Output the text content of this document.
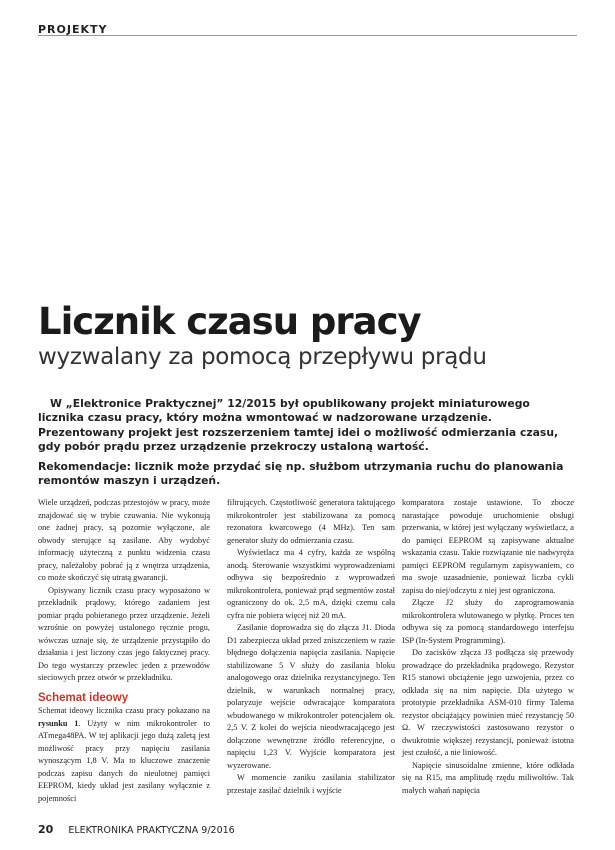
PROJEKTY
Licznik czasu pracy
wyzwalany za pomocą przepływu prądu
W „Elektronice Praktycznej” 12/2015 był opublikowany projekt miniaturowego licznika czasu pracy, który można wmontować w nadzorowane urządzenie. Prezentowany projekt jest rozszerzeniem tamtej idei o możliwość odmierzania czasu, gdy pobór prądu przez urządzenie przekroczy ustaloną wartość.
Rekomendacje: licznik może przydać się np. służbom utrzymania ruchu do planowania remontów maszyn i urządzeń.

Wiele urządzeń, podczas przestojów w pracy, może znajdować się w trybie czuwania. Nie wykonują one żadnej pracy, są pozornie wyłączone, ale obwody sterujące są zasilane. Aby wydobyć informację użyteczną z punktu widzenia czasu pracy, należałoby pobrać ją z wnętrza urządzenia, co może skończyć się utratą gwarancji.

Opisywany licznik czasu pracy wyposażono w przekładnik prądowy, którego zadaniem jest pomiar prądu pobieranego przez urządzenie. Jeżeli wzrośnie on powyżej ustalonego ręcznie progu, wówczas uznaje się, że urządzenie przystąpiło do działania i jest liczony czas jego faktycznej pracy. Do tego wystarczy przewlec jeden z przewodów sieciowych przez otwór w przekładniku.

Schemat ideowy

Schemat ideowy licznika czasu pracy pokazano na rysunku 1. Użyty w nim mikrokontroler to ATmega48PA. W tej aplikacji jego dużą zaletą jest możliwość pracy przy napięciu zasilania wynoszącym 1,8 V. Ma to kluczowe znaczenie podczas zapisu danych do nieulotnej pamięci EEPROM, kiedy układ jest zasilany wyłącznie z pojemności

filtrujących. Częstotliwość generatora taktującego mikrokontroler jest stabilizowana za pomocą rezonatora kwarcowego (4 MHz). Ten sam generator służy do odmierzania czasu.

Wyświetlacz ma 4 cyfry, każda ze wspólną anodą. Sterowanie wszystkimi wyprowadzeniami odbywa się bezpośrednio z wyprowadzeń mikrokontrolera, ponieważ prąd segmentów został ograniczony do ok. 2,5 mA, dzięki czemu cała cyfra nie pobiera więcej niż 20 mA.

Zasilanie doprowadza się do złącza J1. Dioda D1 zabezpiecza układ przed zniszczeniem w razie błędnego dołączenia napięcia zasilania. Napięcie stabilizowane 5 V służy do zasilania bloku analogowego oraz dzielnika rezystancyjnego. Ten dzielnik, w warunkach normalnej pracy, polaryzuje wejście odwracające komparatora wbudowanego w mikrokontroler potencjałem ok. 2,5 V. Z kolei do wejścia nieodwracającego jest dołączone wewnętrzne źródło referencyjne, o napięciu 1,23 V. Wyjście komparatora jest wyzerowane.

W momencie zaniku zasilania stabilizator przestaje zasilać dzielnik i wyjście

komparatora zostaje ustawione. To zbocze narastające powoduje uruchomienie obsługi przerwania, w której jest wyłączany wyświetlacz, a do pamięci EEPROM są zapisywane aktualne wskazania czasu. Takie rozwiązanie nie nadwyręża pamięci EEPROM regularnym zapisywaniem, co ma swoje uzasadnienie, ponieważ liczba cykli zapisu do niej/odczytu z niej jest ograniczona.

Złącze J2 służy do zaprogramowania mikrokontrolera wlutowanego w płytkę. Proces ten odbywa się za pomocą standardowego interfejsu ISP (In-System Programming).

Do zacisków złącza J3 podłącza się przewody prowadzące do przekładnika prądowego. Rezystor R15 stanowi obciążenie jego uzwojenia, przez co odkłada się na nim napięcie. Dla użytego w prototypie przekładnika ASM-010 firmy Talema rezystor obciążający powinien mieć rezystancję 50 Ω. W rzeczywistości zastosowano rezystor o dwukrotnie większej rezystancji, ponieważ istotna jest czułość, a nie liniowość.

Napięcie sinusoidalne zmienne, które odkłada się na R15, ma amplitudę rzędu miliwoltów. Tak małych wahań napięcia

20 ELEKTRONIKA PRAKTYCZNA 9/2016
